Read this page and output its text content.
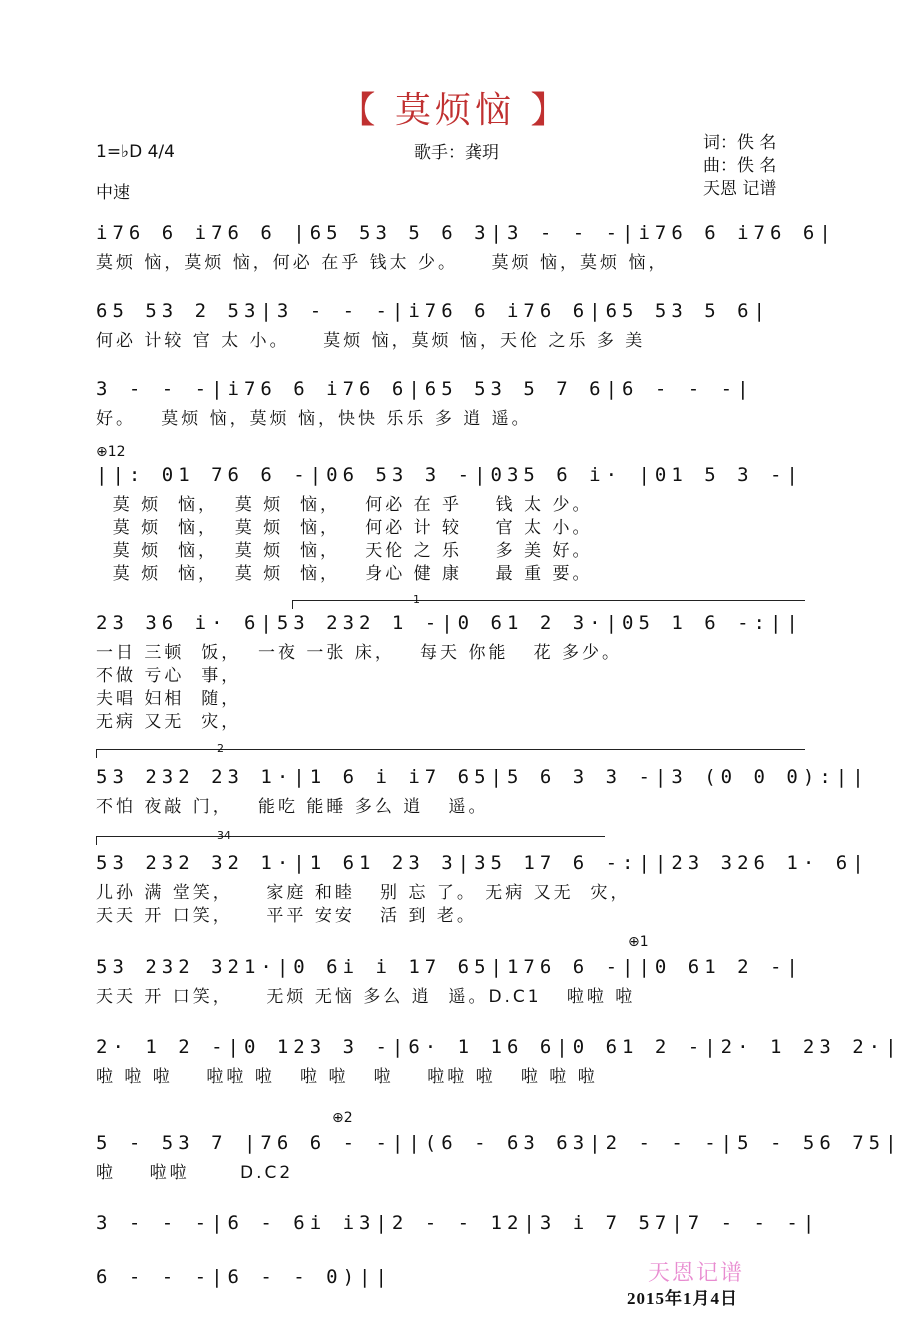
【 莫烦恼 】
1=♭D 4/4
中速
歌手：龚玥	词：佚 名
曲：佚 名
天恩 记谱
i76 6 i76 6 |65 53 5 6 3|3 - - -|i76 6 i76 6|
莫烦 恼，莫烦 恼，何必 在乎 钱太 少。    莫烦 恼，莫烦 恼，
65 53 2 53|3 - - -|i76 6 i76 6|65 53 5 6|
何必 计较 官 太 小。    莫烦 恼，莫烦 恼，天伦 之乐 多 美
3 - - -|i76 6 i76 6|65 53 5 7 6|6 - - -|
好。   莫烦 恼，莫烦 恼，快快 乐乐 多 逍 遥。
⊕12
||: 01 76 6 -|06 53 3 -|035 6 i· |01 5 3 -|
莫 烦  恼，  莫 烦  恼，   何必 在 乎    钱 太 少。
莫 烦  恼，  莫 烦  恼，   何必 计 较    官 太 小。
莫 烦  恼，  莫 烦  恼，   天伦 之 乐    多 美 好。
莫 烦  恼，  莫 烦  恼，   身心 健 康    最 重 要。
1
23 36 i· 6|53 232 1 -|0 61 2 3·|05 1 6 -:||
一日 三顿  饭，  一夜 一张 床，   每天 你能   花 多少。
不做 亏心  事，
夫唱 妇相  随，
无病 又无  灾，
2
53 232 23 1·|1 6 i i7 65|5 6 3 3 -|3 (0 0 0):||
不怕 夜敲 门，   能吃 能睡 多么 逍   遥。
34
53 232 32 1·|1 61 23 3|35 17 6 -:||23 326 1· 6|
儿孙 满 堂笑，    家庭 和睦   别 忘 了。 无病 又无  灾，
天天 开 口笑，    平平 安安   活 到 老。
⊕1
53 232 321·|0 6i i 17 65|176 6 -||0 61 2 -|
天天 开 口笑，    无烦 无恼 多么 逍  遥。D.C1   啦啦 啦
2· 1 2 -|0 123 3 -|6· 1 16 6|0 61 2 -|2· 1 23 2·|
啦 啦 啦    啦啦 啦   啦 啦   啦    啦啦 啦   啦 啦 啦
⊕2
5 - 53 7 |76 6 - -||(6 - 63 63|2 - - -|5 - 56 75|
啦    啦啦      D.C2
3 - - -|6 - 6i i3|2 - - 12|3 i 7 57|7 - - -|
6 - - -|6 - - 0)||	天恩记谱
2015年1月4日
